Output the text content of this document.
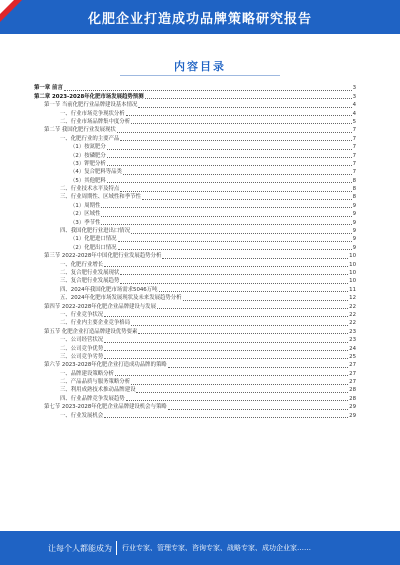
化肥企业打造成功品牌策略研究报告
内容目录
第一章 前言	3
第二章 2023-2028年化肥市场发展趋势预测	3
第一节 当前化肥行业品牌建设基本情况	4
一、行业市场竞争现状分析	4
二、行业市场品牌集中度分析	5
第二节 我国化肥行业发展现状	7
一、化肥行业的主要产品	7
（1）按氮肥分	7
（2）按磷肥分	7
（3）钾肥分析	7
（4）复合肥料等品类	7
（5）其他肥料	8
二、行业技术水平及特点	8
三、行业周期性、区域性和季节性	8
（1）周期性	9
（2）区域性	9
（3）季节性	9
四、我国化肥行业进出口情况	9
（1）化肥进口情况	9
（2）化肥出口情况	9
第三节 2022-2028年中国化肥行业发展趋势分析	10
一、化肥行业增长	10
二、复合肥行业发展现状	10
三、复合肥行业发展趋势	10
四、2024年我国化肥市场需求5046万吨	11
五、2024年化肥市场发展现状及未来发展趋势分析	12
第四节 2022-2028年化肥企业品牌建设与发展	22
一、行业竞争状况	22
二、行业内主要企业竞争格局	22
第五节 化肥企业打造品牌建设优势要素	23
一、公司经营状况	23
二、公司竞争优势	24
三、公司竞争劣势	25
第六节 2023-2028年化肥企业打造成功品牌的策略	27
一、品牌建设策略分析	27
二、产品品质与服务策略分析	27
三、利用成熟技术推动品牌建设	28
四、行业品牌竞争发展趋势	28
第七节 2023-2028年化肥企业品牌建设机会与策略	29
一、行业发展机会	29
让每个人都能成为 行业专家、管理专家、咨询专家、战略专家、成功企业家……
